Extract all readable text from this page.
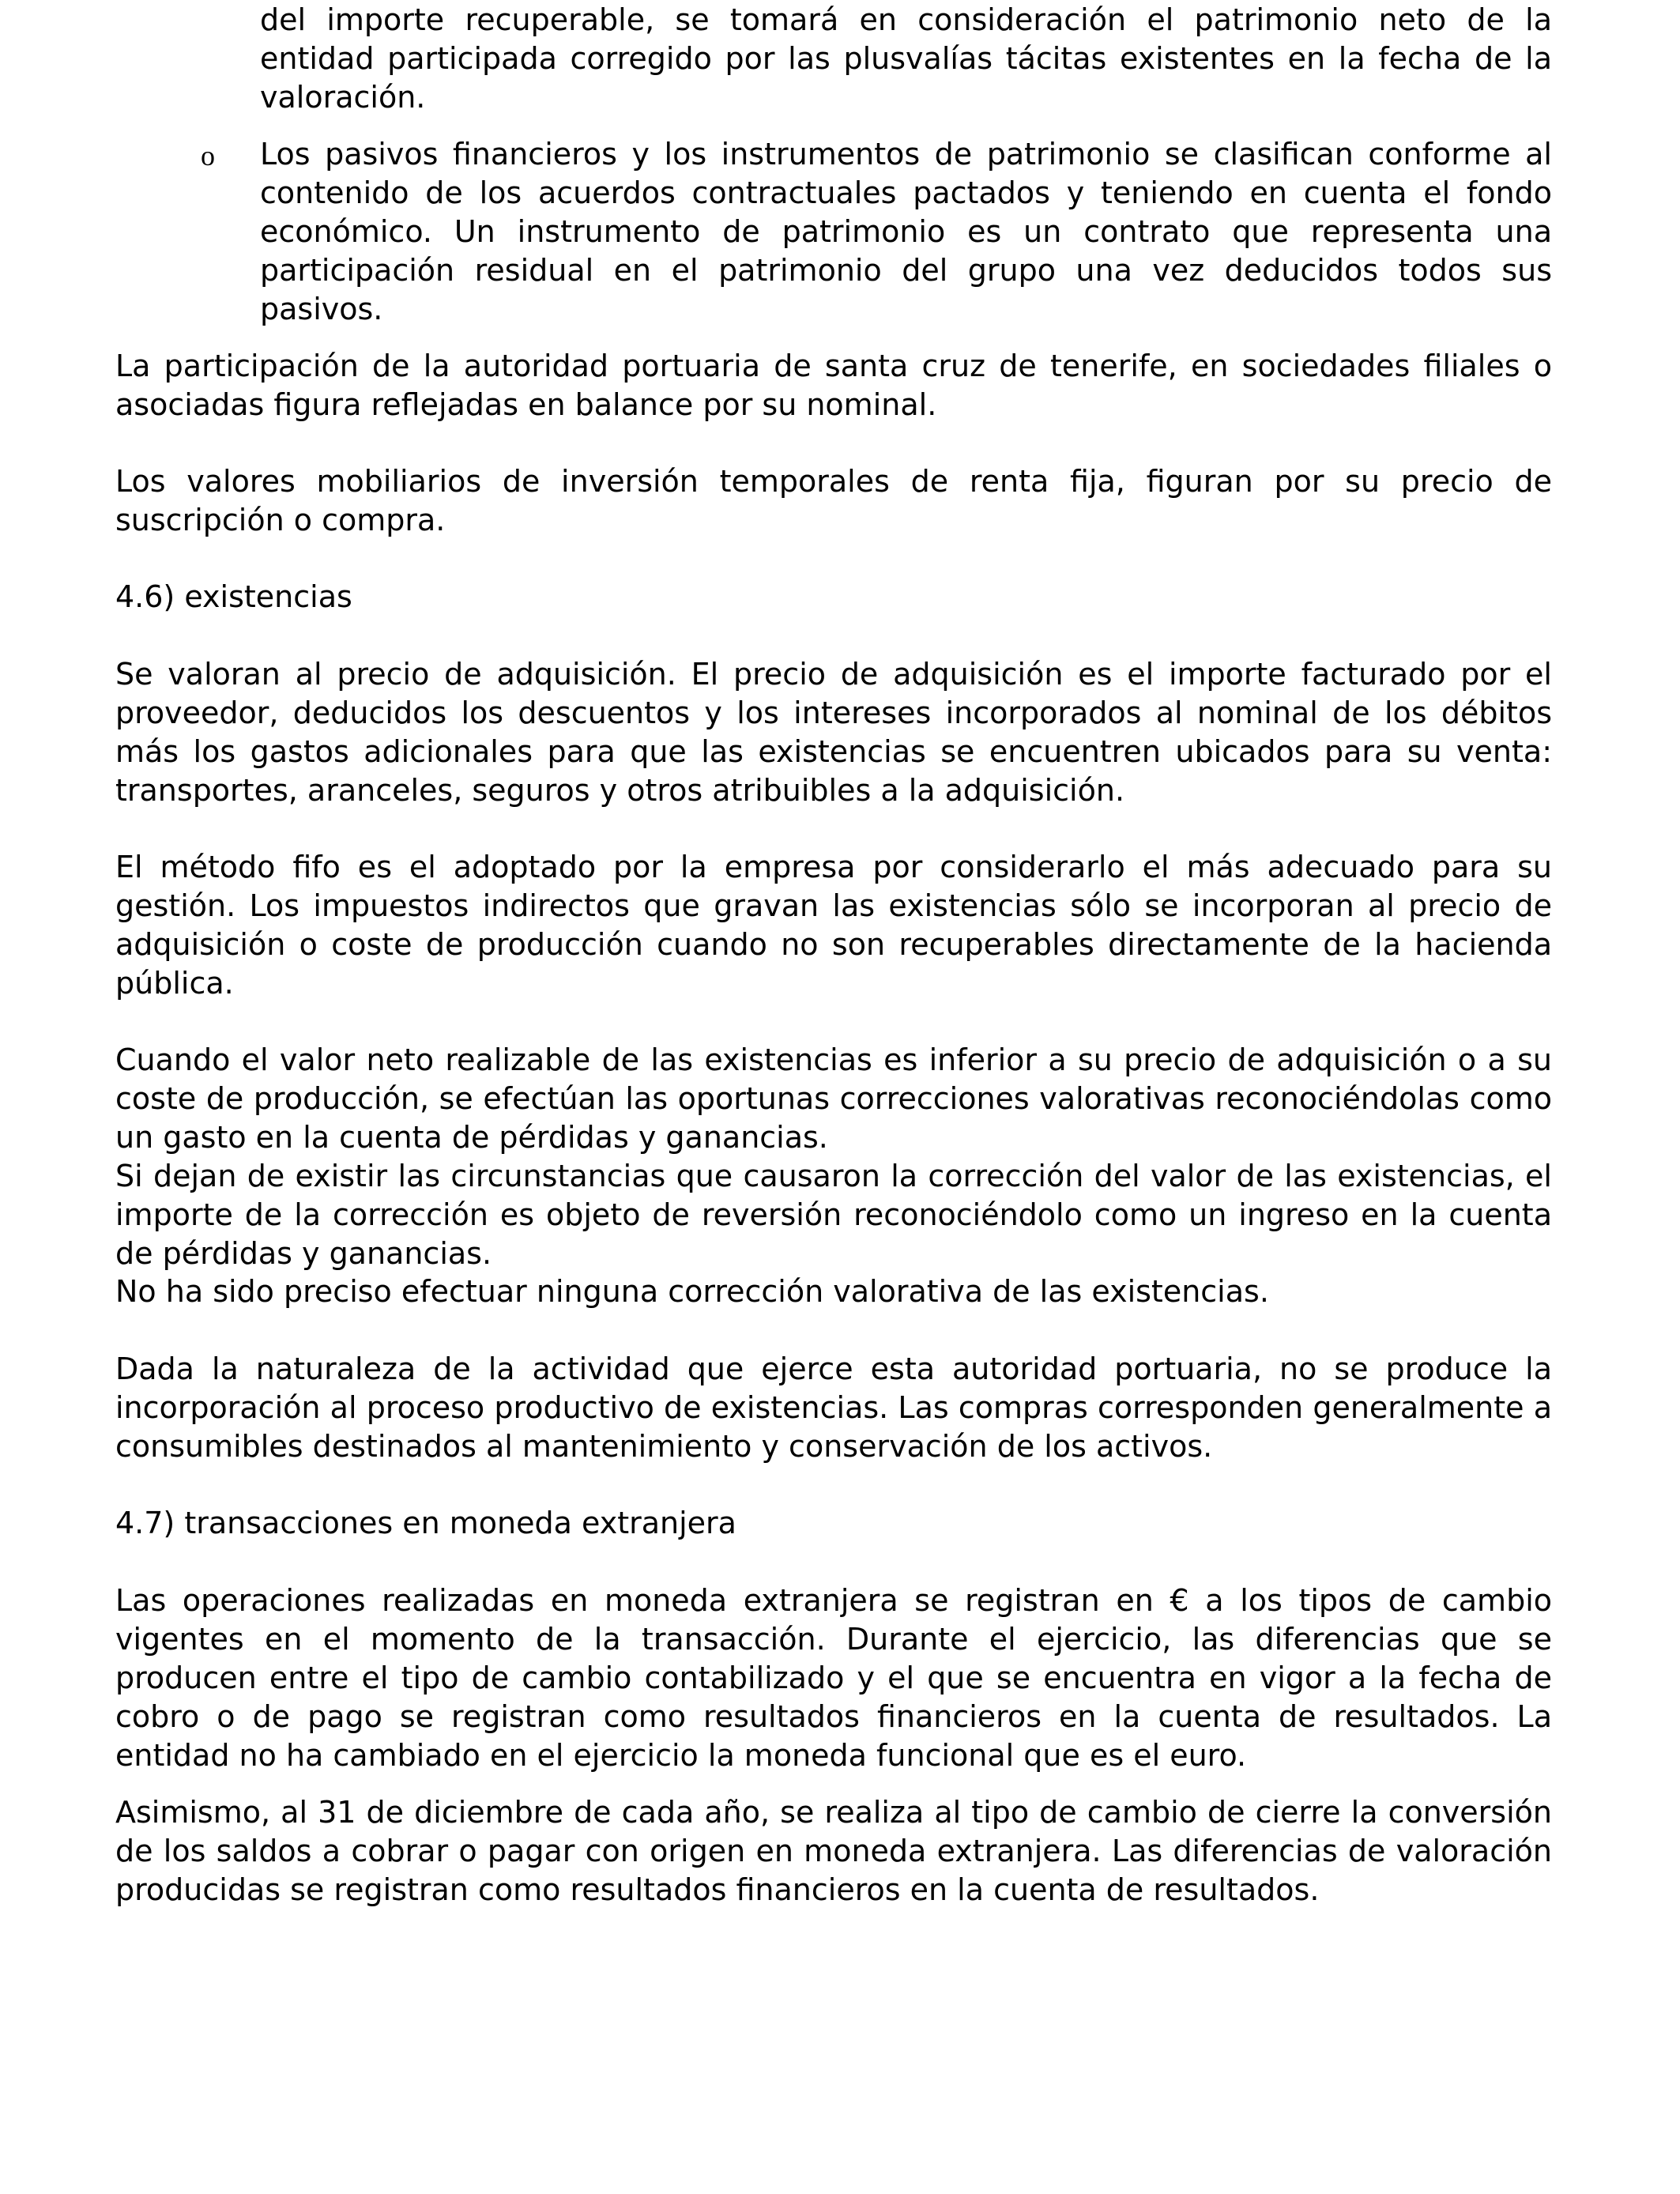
del importe recuperable, se tomará en consideración el patrimonio neto de la entidad participada corregido por las plusvalías tácitas existentes en la fecha de la valoración.

o	Los pasivos financieros y los instrumentos de patrimonio se clasifican conforme al contenido de los acuerdos contractuales pactados y teniendo en cuenta el fondo económico. Un instrumento de patrimonio es un contrato que representa una participación residual en el patrimonio del grupo una vez deducidos todos sus pasivos.

La participación de la autoridad portuaria de santa cruz de tenerife, en sociedades filiales o asociadas figura reflejadas en balance por su nominal.

Los valores mobiliarios de inversión temporales de renta fija, figuran por su precio de suscripción o compra.

4.6) existencias

Se valoran al precio de adquisición. El precio de adquisición es el importe facturado por el proveedor, deducidos los descuentos y los intereses incorporados al nominal de los débitos más los gastos adicionales para que las existencias se encuentren ubicados para su venta: transportes, aranceles, seguros y otros atribuibles a la adquisición.

El método fifo es el adoptado por la empresa por considerarlo el más adecuado para su gestión. Los impuestos indirectos que gravan las existencias sólo se incorporan al precio de adquisición o coste de producción cuando no son recuperables directamente de la hacienda pública.

Cuando el valor neto realizable de las existencias es inferior a su precio de adquisición o a su coste de producción, se efectúan las oportunas correcciones valorativas reconociéndolas como un gasto en la cuenta de pérdidas y ganancias.

Si dejan de existir las circunstancias que causaron la corrección del valor de las existencias, el importe de la corrección es objeto de reversión reconociéndolo como un ingreso en la cuenta de pérdidas y ganancias.

No ha sido preciso efectuar ninguna corrección valorativa de las existencias.

Dada la naturaleza de la actividad que ejerce esta autoridad portuaria, no se produce la incorporación al proceso productivo de existencias. Las compras corresponden generalmente a consumibles destinados al mantenimiento y conservación de los activos.

4.7) transacciones en moneda extranjera

Las operaciones realizadas en moneda extranjera se registran en € a los tipos de cambio vigentes en el momento de la transacción. Durante el ejercicio, las diferencias que se producen entre el tipo de cambio contabilizado y el que se encuentra en vigor a la fecha de cobro o de pago se registran como resultados financieros en la cuenta de resultados. La entidad no ha cambiado en el ejercicio la moneda funcional que es el euro.

Asimismo, al 31 de diciembre de cada año, se realiza al tipo de cambio de cierre la conversión de los saldos a cobrar o pagar con origen en moneda extranjera. Las diferencias de valoración producidas se registran como resultados financieros en la cuenta de resultados.
